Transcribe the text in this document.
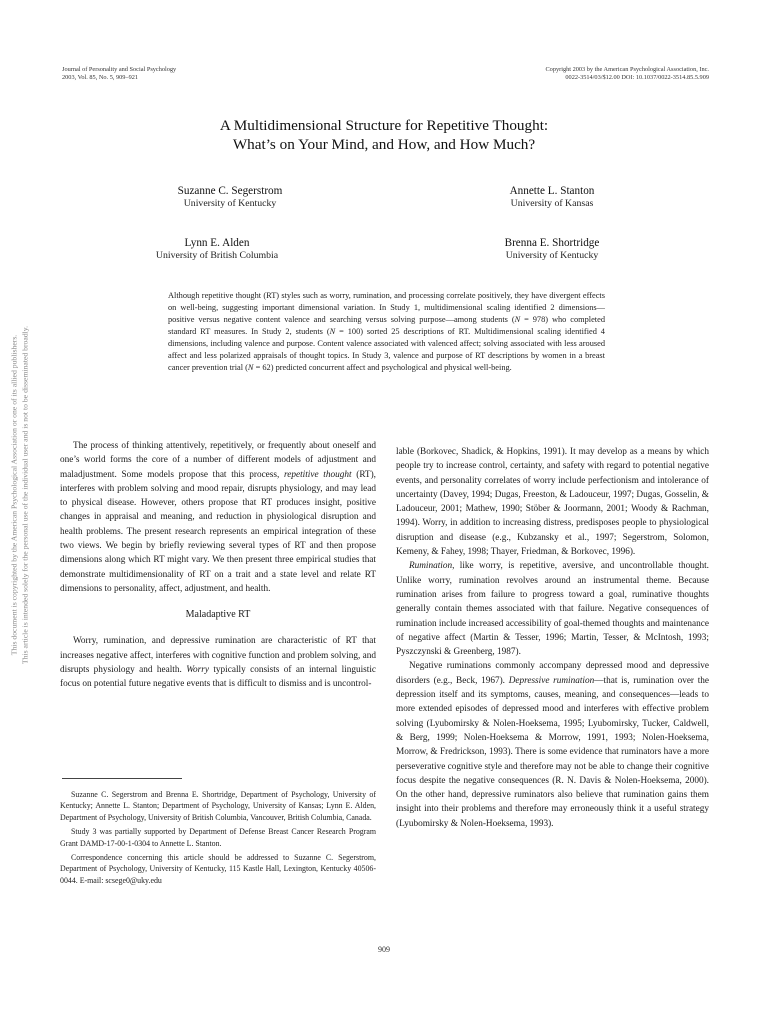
Journal of Personality and Social Psychology
2003, Vol. 85, No. 5, 909–921
Copyright 2003 by the American Psychological Association, Inc.
0022-3514/03/$12.00 DOI: 10.1037/0022-3514.85.5.909
A Multidimensional Structure for Repetitive Thought:
What’s on Your Mind, and How, and How Much?
Suzanne C. Segerstrom
University of Kentucky
Annette L. Stanton
University of Kansas
Lynn E. Alden
University of British Columbia
Brenna E. Shortridge
University of Kentucky
Although repetitive thought (RT) styles such as worry, rumination, and processing correlate positively, they have divergent effects on well-being, suggesting important dimensional variation. In Study 1, multidimensional scaling identified 2 dimensions—positive versus negative content valence and searching versus solving purpose—among students (N = 978) who completed standard RT measures. In Study 2, students (N = 100) sorted 25 descriptions of RT. Multidimensional scaling identified 4 dimensions, including valence and purpose. Content valence associated with valenced affect; solving associated with less aroused affect and less polarized appraisals of thought topics. In Study 3, valence and purpose of RT descriptions by women in a breast cancer prevention trial (N = 62) predicted concurrent affect and psychological and physical well-being.

The process of thinking attentively, repetitively, or frequently about oneself and one’s world forms the core of a number of different models of adjustment and maladjustment. Some models propose that this process, repetitive thought (RT), interferes with problem solving and mood repair, disrupts physiology, and may lead to physical disease. However, others propose that RT produces insight, positive changes in appraisal and meaning, and reduction in physiological disruption and health problems. The present research represents an empirical integration of these two views. We begin by briefly reviewing several types of RT and then propose dimensions along which RT might vary. We then present three empirical studies that demonstrate multidimensionality of RT on a trait and a state level and relate RT dimensions to personality, affect, adjustment, and health.

Maladaptive RT

Worry, rumination, and depressive rumination are characteristic of RT that increases negative affect, interferes with cognitive function and problem solving, and disrupts physiology and health. Worry typically consists of an internal linguistic focus on potential future negative events that is difficult to dismiss and is uncontrol-

Suzanne C. Segerstrom and Brenna E. Shortridge, Department of Psychology, University of Kentucky; Annette L. Stanton; Department of Psychology, University of Kansas; Lynn E. Alden, Department of Psychology, University of British Columbia, Vancouver, British Columbia, Canada.

Study 3 was partially supported by Department of Defense Breast Cancer Research Program Grant DAMD-17-00-1-0304 to Annette L. Stanton.

Correspondence concerning this article should be addressed to Suzanne C. Segerstrom, Department of Psychology, University of Kentucky, 115 Kastle Hall, Lexington, Kentucky 40506-0044. E-mail: scsege0@uky.edu

lable (Borkovec, Shadick, & Hopkins, 1991). It may develop as a means by which people try to increase control, certainty, and safety with regard to potential negative events, and personality correlates of worry include perfectionism and intolerance of uncertainty (Davey, 1994; Dugas, Freeston, & Ladouceur, 1997; Dugas, Gosselin, & Ladouceur, 2001; Mathew, 1990; Stöber & Joormann, 2001; Woody & Rachman, 1994). Worry, in addition to increasing distress, predisposes people to physiological disruption and disease (e.g., Kubzansky et al., 1997; Segerstrom, Solomon, Kemeny, & Fahey, 1998; Thayer, Friedman, & Borkovec, 1996).

Rumination, like worry, is repetitive, aversive, and uncontrollable thought. Unlike worry, rumination revolves around an instrumental theme. Because rumination arises from failure to progress toward a goal, ruminative thoughts generally contain themes associated with that failure. Negative consequences of rumination include increased accessibility of goal-themed thoughts and maintenance of negative affect (Martin & Tesser, 1996; Martin, Tesser, & McIntosh, 1993; Pyszczynski & Greenberg, 1987).

Negative ruminations commonly accompany depressed mood and depressive disorders (e.g., Beck, 1967). Depressive rumination—that is, rumination over the depression itself and its symptoms, causes, meaning, and consequences—leads to more extended episodes of depressed mood and interferes with effective problem solving (Lyubomirsky & Nolen-Hoeksema, 1995; Lyubomirsky, Tucker, Caldwell, & Berg, 1999; Nolen-Hoeksema & Morrow, 1991, 1993; Nolen-Hoeksema, Morrow, & Fredrickson, 1993). There is some evidence that ruminators have a more perseverative cognitive style and therefore may not be able to change their cognitive focus despite the negative consequences (R. N. Davis & Nolen-Hoeksema, 2000). On the other hand, depressive ruminators also believe that rumination gains them insight into their problems and therefore may erroneously think it a useful strategy (Lyubomirsky & Nolen-Hoeksema, 1993).

909
This document is copyrighted by the American Psychological Association or one of its allied publishers. This article is intended solely for the personal use of the individual user and is not to be disseminated broadly.
